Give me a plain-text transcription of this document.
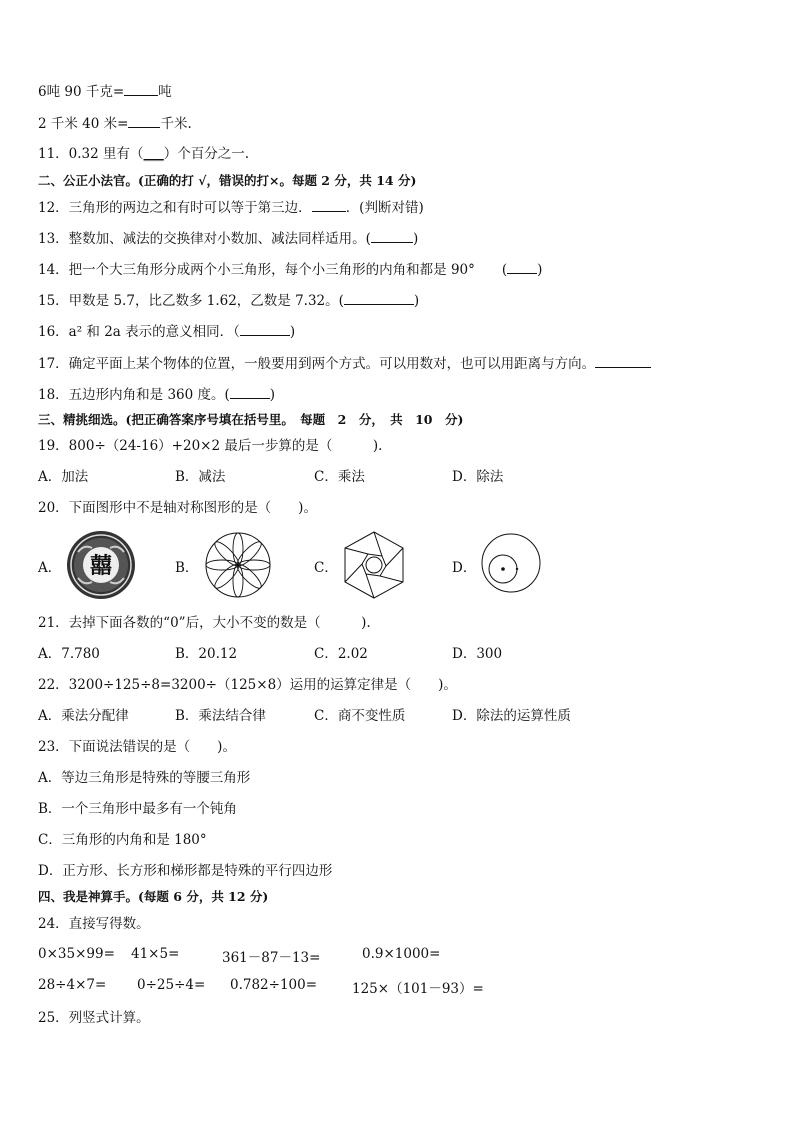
6吨 90 千克=	吨
2 千米 40 米= 千米.
11．0.32 里有（___）个百分之一.
二、公正小法官。(正确的打 √，错误的打×。每题 2 分，共 14 分)
12．三角形的两边之和有时可以等于第三边．	．(判断对错)
13．整数加、减法的交换律对小数加、减法同样适用。(	)
14．把一个大三角形分成两个小三角形，每个小三角形的内角和都是 90°　　( )
15．甲数是 5.7，比乙数多 1.62，乙数是 7.32。(	)
16．a² 和 2a 表示的意义相同．（	)
17．确定平面上某个物体的位置，一般要用到两个方式。可以用数对，也可以用距离与方向。
18．五边形内角和是 360 度。(	)
三、精挑细选。(把正确答案序号填在括号里。　每题　2　分，　共　10　分)
19．800÷（24-16）+20×2 最后一步算的是（　　　).
A．加法	B．减法	C．乘法	D．除法
20．下面图形中不是轴对称图形的是（　　)。
A． 囍	B．	C．	D．
21．去掉下面各数的“0”后，大小不变的数是（　　　).
A．7.780	B．20.12	C．2.02	D．300
22．3200÷125÷8=3200÷（125×8）运用的运算定律是（　　)。
A．乘法分配律	B．乘法结合律	C．商不变性质	D．除法的运算性质
23．下面说法错误的是（　　)。
A．等边三角形是特殊的等腰三角形
B．一个三角形中最多有一个钝角
C．三角形的内角和是 180°
D．正方形、长方形和梯形都是特殊的平行四边形
四、我是神算手。(每题 6 分，共 12 分)
24．直接写得数。
0×35×99= 41×5=	361－87－13=	0.9×1000=
28÷4×7= 0÷25÷4= 0.782÷100=	125×（101－93）=
25．列竖式计算。
